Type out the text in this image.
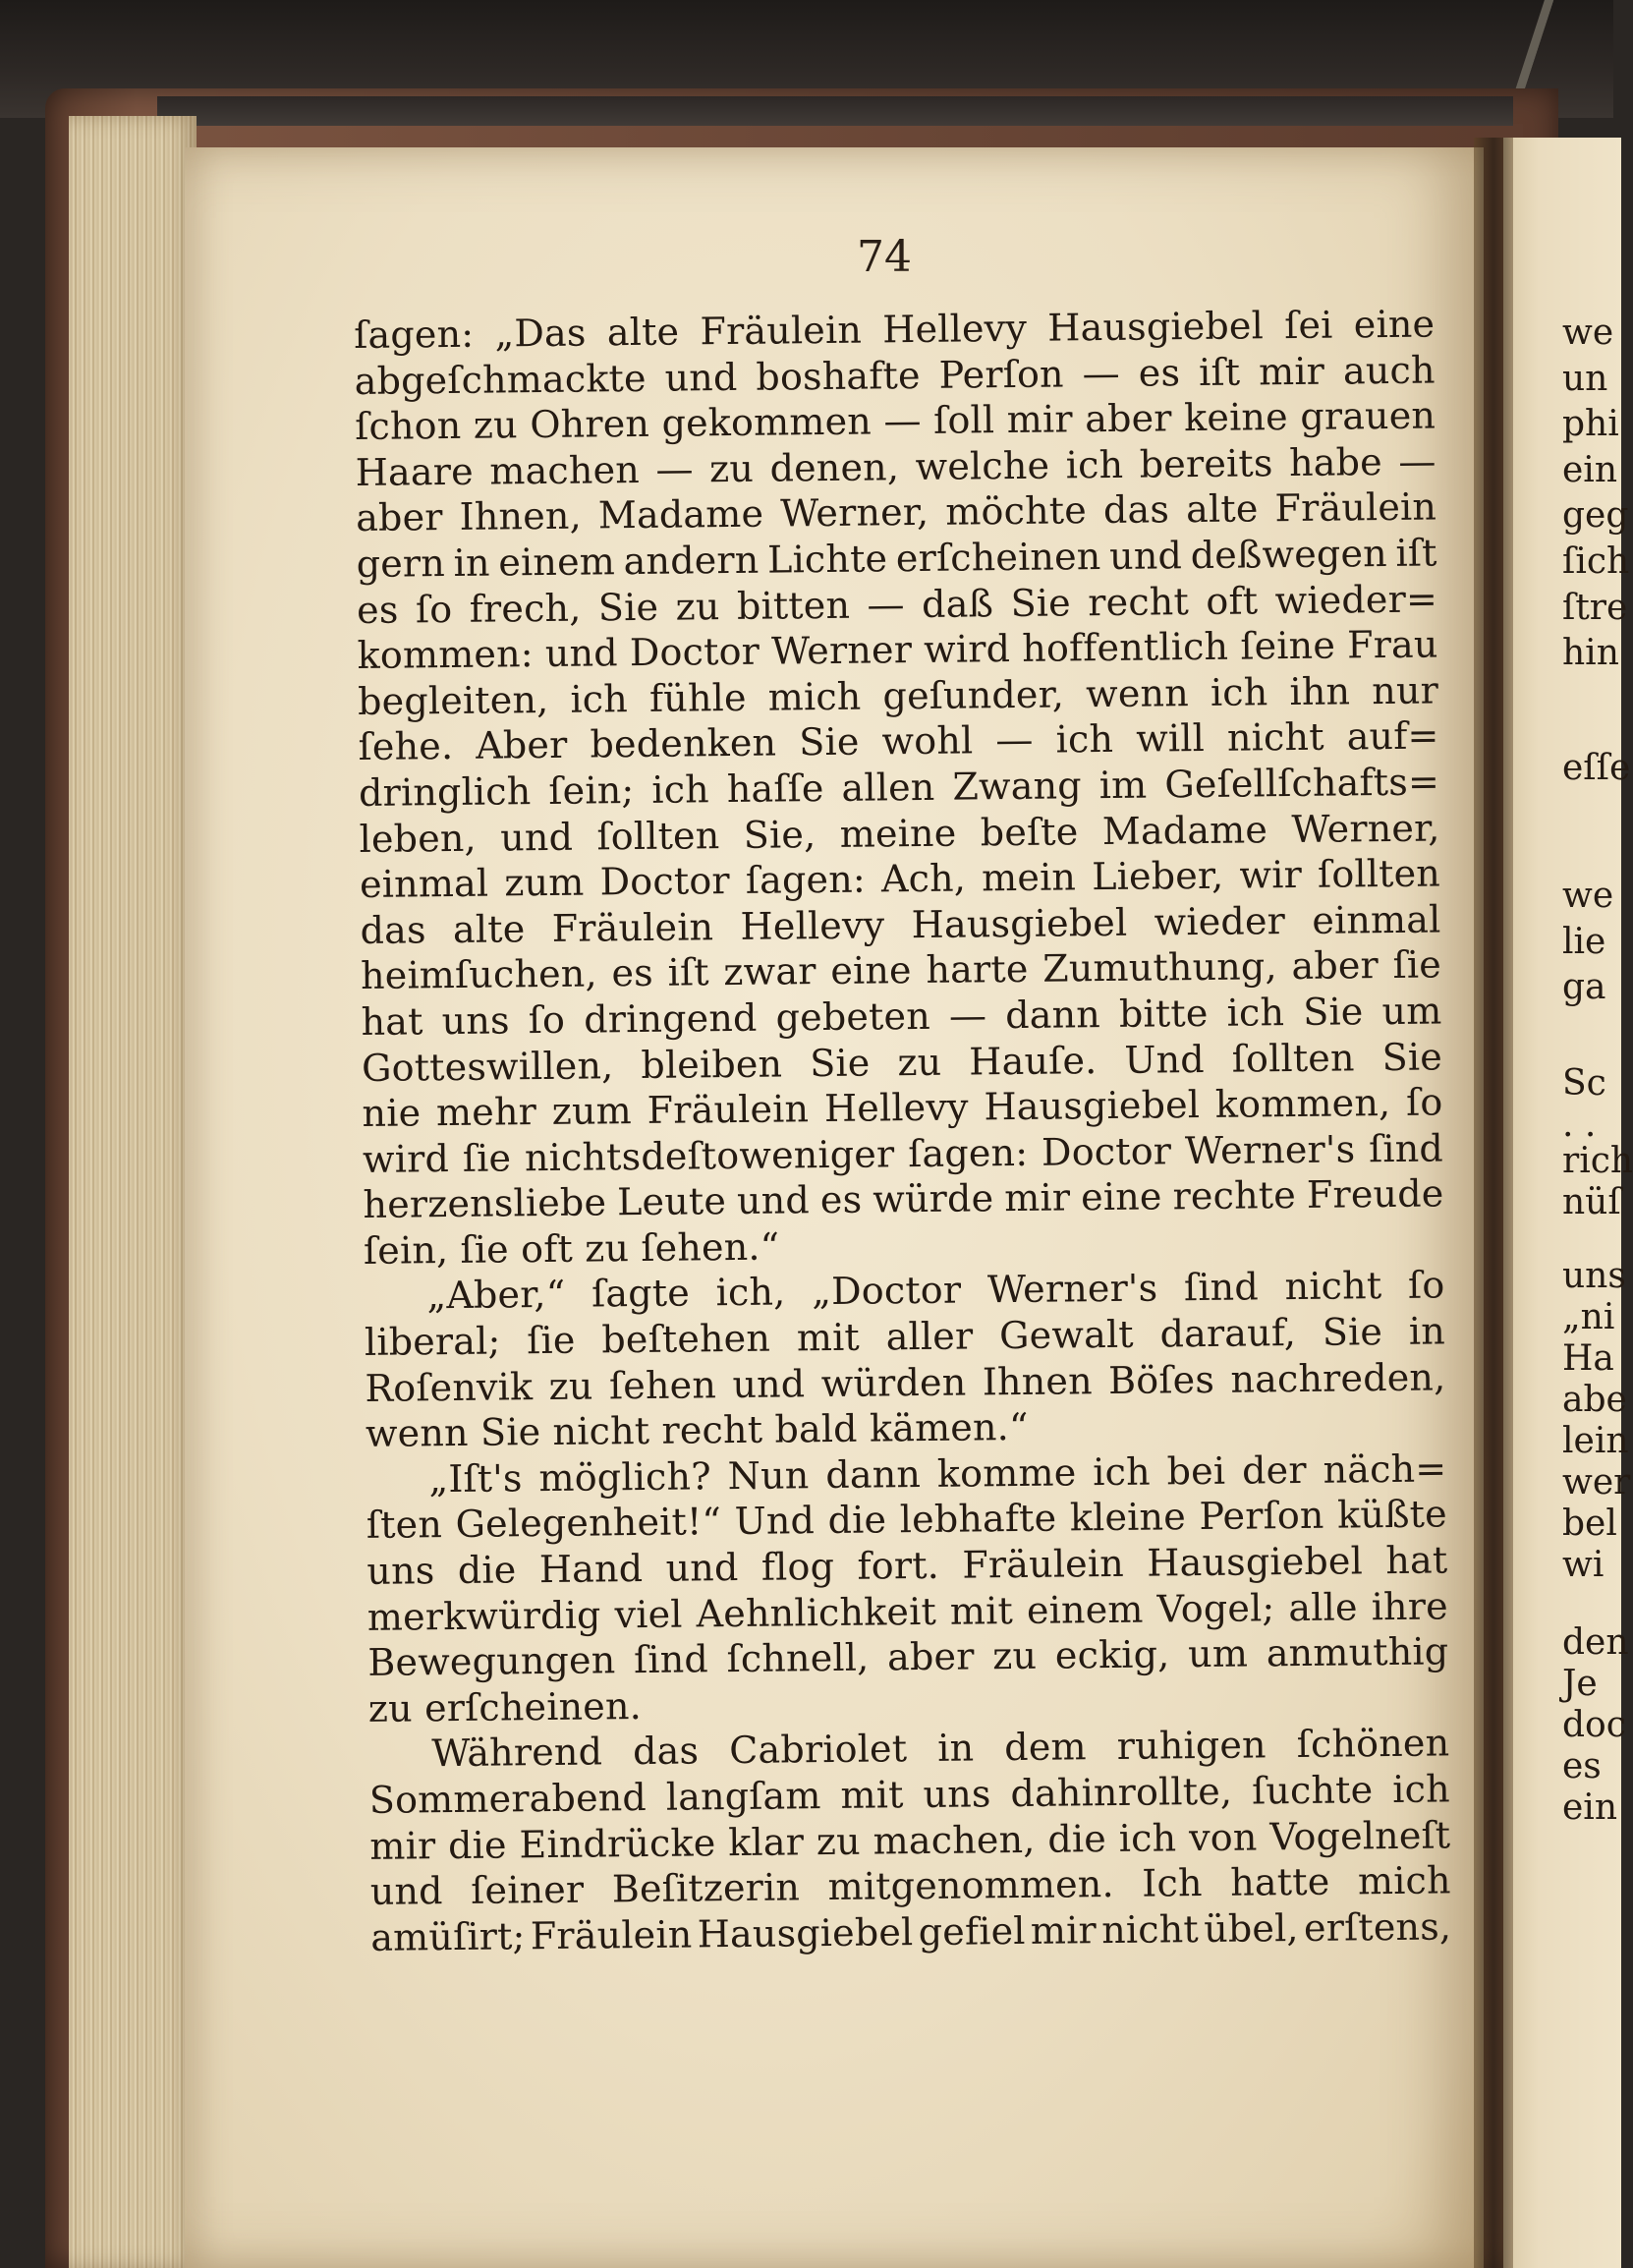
74
ſagen: „Das alte Fräulein Hellevy Hausgiebel ſei eine
abgeſchmackte und boshafte Perſon — es iſt mir auch
ſchon zu Ohren gekommen — ſoll mir aber keine grauen
Haare machen — zu denen, welche ich bereits habe —
aber Ihnen, Madame Werner, möchte das alte Fräulein
gern in einem andern Lichte erſcheinen und deßwegen iſt
es ſo frech, Sie zu bitten — daß Sie recht oft wieder=
kommen: und Doctor Werner wird hoffentlich ſeine Frau
begleiten, ich fühle mich geſunder, wenn ich ihn nur
ſehe. Aber bedenken Sie wohl — ich will nicht auf=
dringlich ſein; ich haſſe allen Zwang im Geſellſchafts=
leben, und ſollten Sie, meine beſte Madame Werner,
einmal zum Doctor ſagen: Ach, mein Lieber, wir ſollten
das alte Fräulein Hellevy Hausgiebel wieder einmal
heimſuchen, es iſt zwar eine harte Zumuthung, aber ſie
hat uns ſo dringend gebeten — dann bitte ich Sie um
Gotteswillen, bleiben Sie zu Hauſe. Und ſollten Sie
nie mehr zum Fräulein Hellevy Hausgiebel kommen, ſo
wird ſie nichtsdeſtoweniger ſagen: Doctor Werner's ſind
herzensliebe Leute und es würde mir eine rechte Freude
ſein, ſie oft zu ſehen.“
„Aber,“ ſagte ich, „Doctor Werner's ſind nicht ſo
liberal; ſie beſtehen mit aller Gewalt darauf, Sie in
Roſenvik zu ſehen und würden Ihnen Böſes nachreden,
wenn Sie nicht recht bald kämen.“
„Iſt's möglich? Nun dann komme ich bei der näch=
ſten Gelegenheit!“ Und die lebhafte kleine Perſon küßte
uns die Hand und flog fort. Fräulein Hausgiebel hat
merkwürdig viel Aehnlichkeit mit einem Vogel; alle ihre
Bewegungen ſind ſchnell, aber zu eckig, um anmuthig
zu erſcheinen.
Während das Cabriolet in dem ruhigen ſchönen
Sommerabend langſam mit uns dahinrollte, ſuchte ich
mir die Eindrücke klar zu machen, die ich von Vogelneſt
und ſeiner Beſitzerin mitgenommen. Ich hatte mich
amüſirt; Fräulein Hausgiebel gefiel mir nicht übel, erſtens,
we
un
phi
ein
geg
ſich
ſtre
hin
eſſe
we
lie
ga
Sc
. .
rich
nüſ
uns
„ni
Ha
abe
lein
wer
bel
wi
den
Je
doc
es
ein
